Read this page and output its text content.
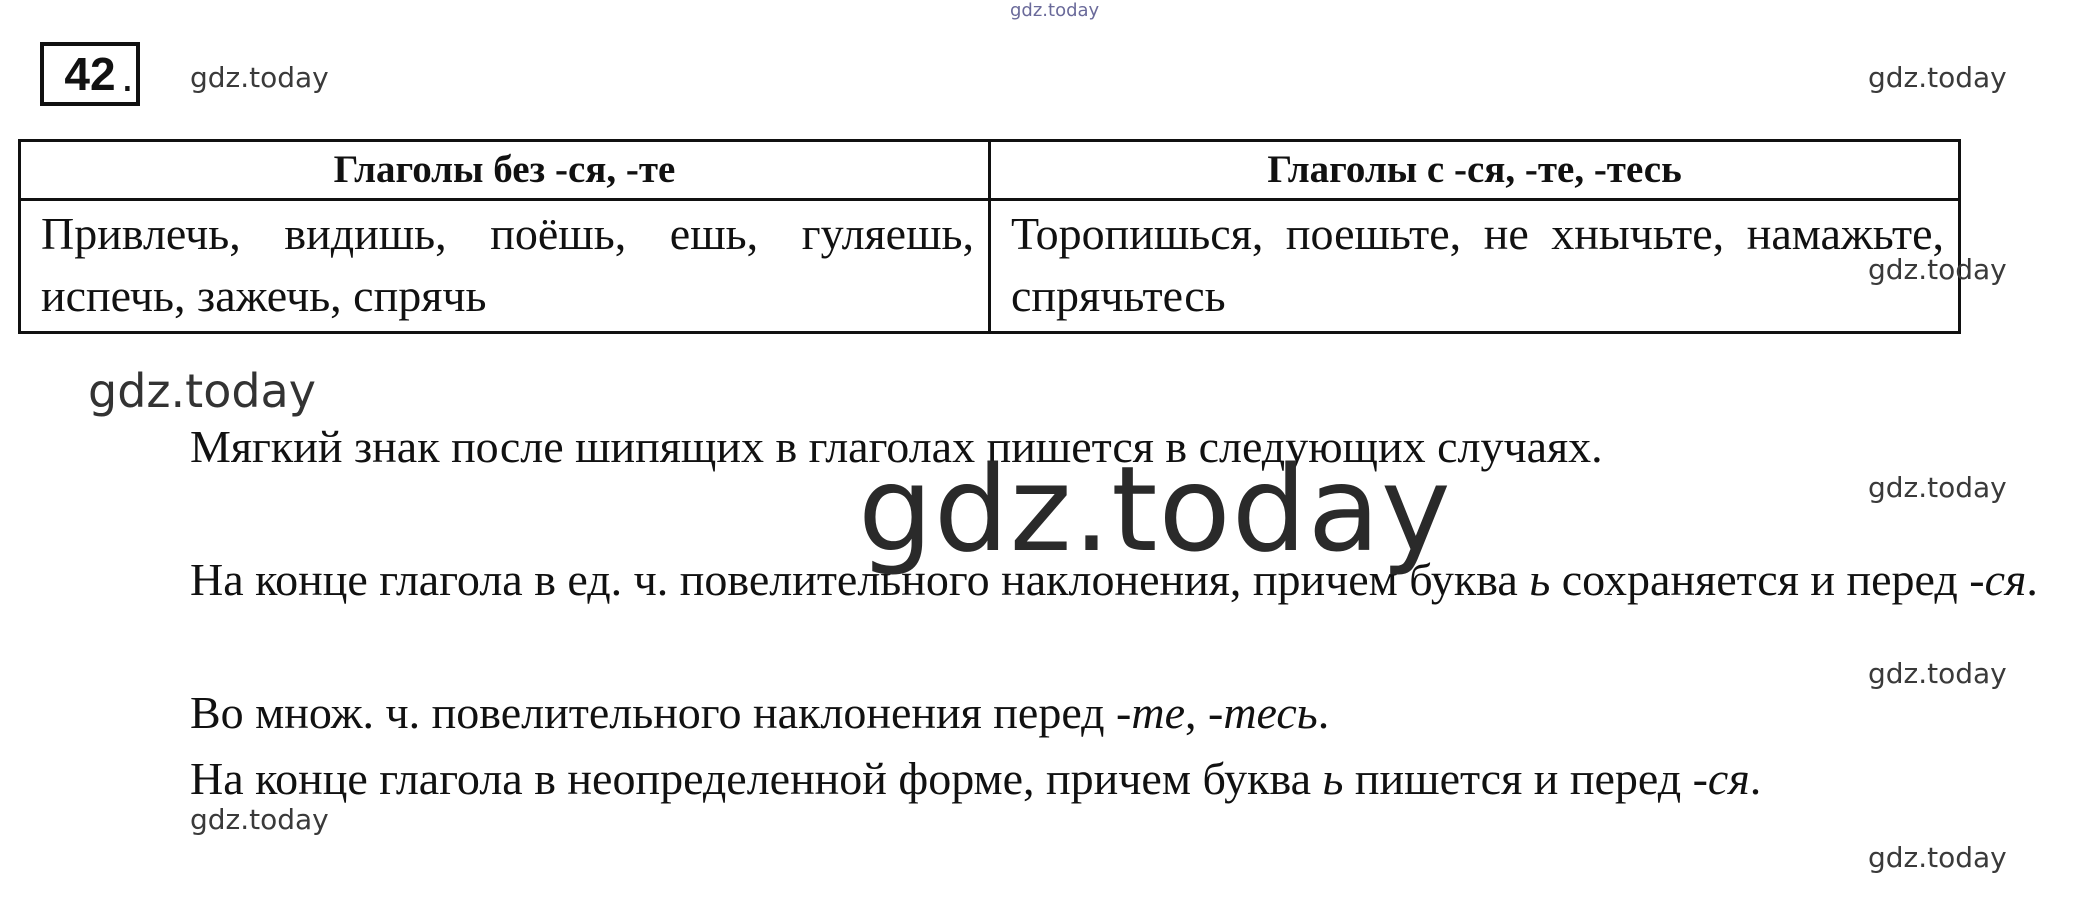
gdz.today
gdz.today	gdz.today
42 .
Глаголы без -ся, -те	Глаголы с -ся, -те, -тесь
Привлечь, видишь, поёшь, ешь, гуляешь, испечь, зажечь, спрячь	Торопишься, поешьте, не хнычьте, намажьте, спрячьтесь
gdz.today
gdz.today

Мягкий знак после шипящих в глаголах пишется в следующих случаях.

На конце глагола в ед. ч. повелительного наклонения, причем буква ь сохраняется и перед -ся.

Во множ. ч. повелительного наклонения перед -те, -тесь.

На конце глагола в неопределенной форме, причем буква ь пишется и перед -ся.

gdz.today
gdz.today
gdz.today
gdz.today
gdz.today
